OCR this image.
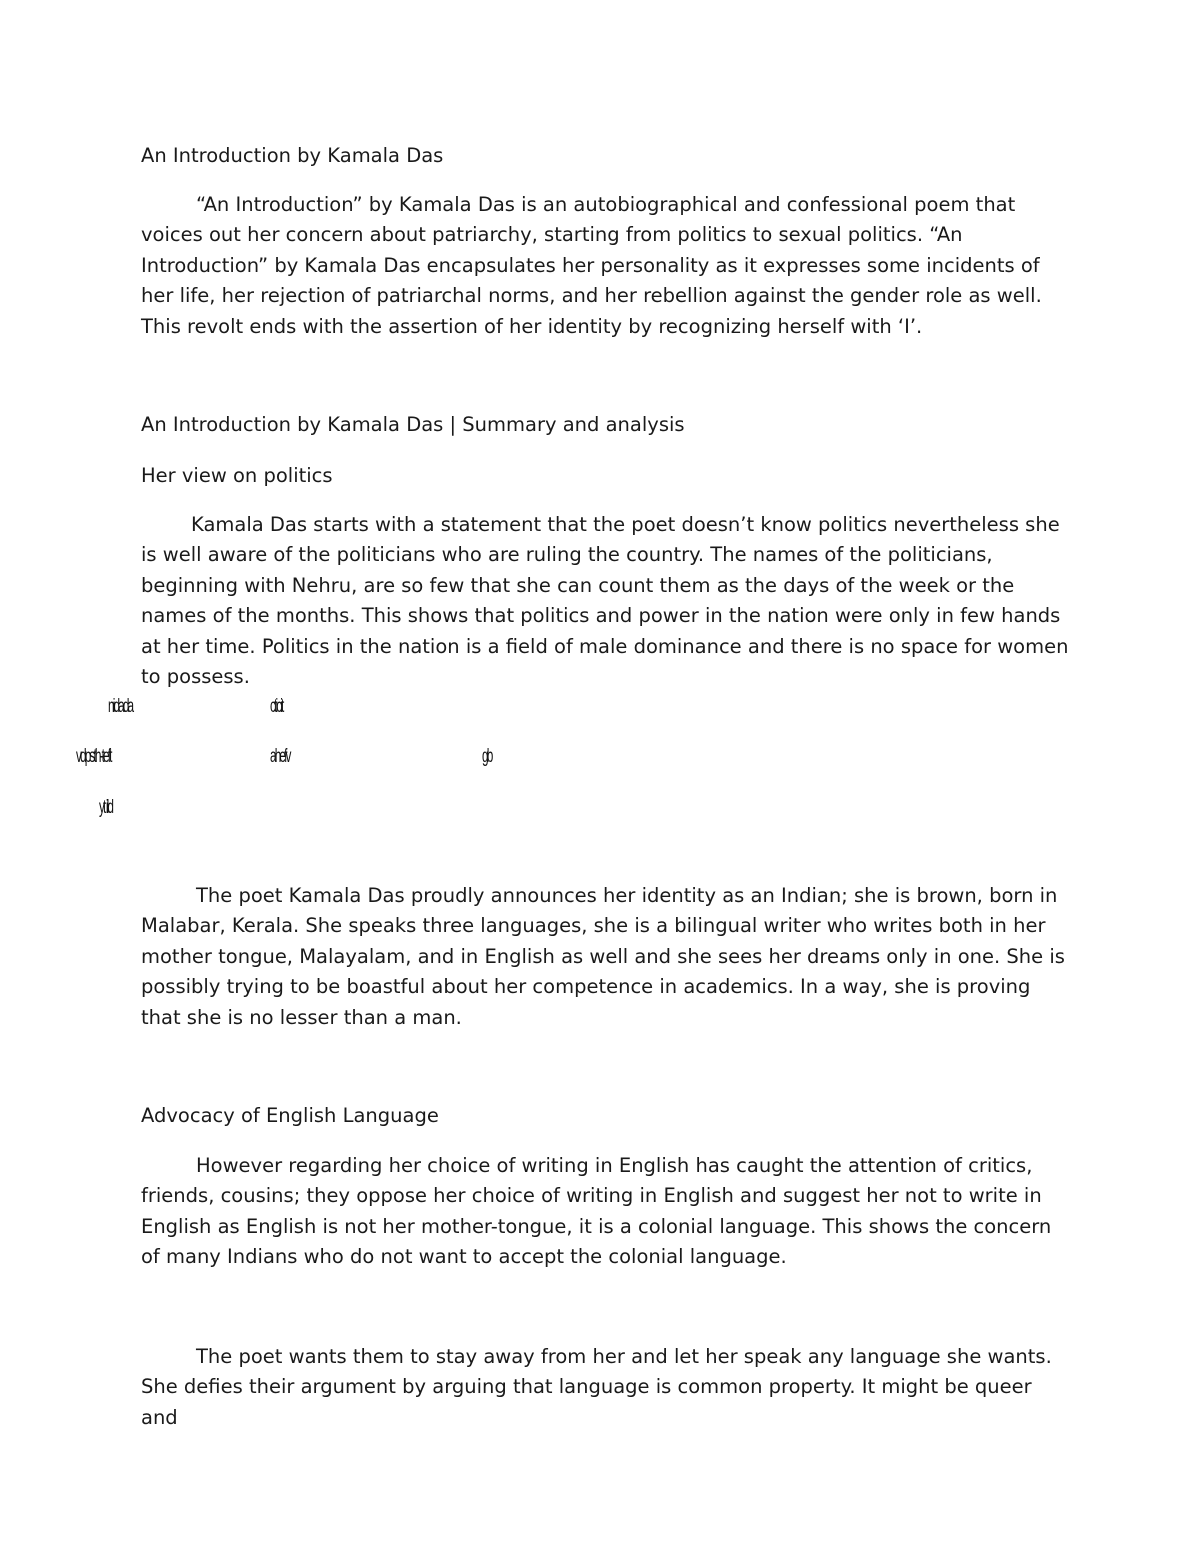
An Introduction by Kamala Das

“An Introduction” by Kamala Das is an autobiographical and confessional poem that voices out her concern about patriarchy, starting from politics to sexual politics. “An Introduction” by Kamala Das encapsulates her personality as it expresses some incidents of her life, her rejection of patriarchal norms, and her rebellion against the gender role as well. This revolt ends with the assertion of her identity by recognizing herself with ‘I’.

An Introduction by Kamala Das | Summary and analysis
Her view on politics

Kamala Das starts with a statement that the poet doesn’t know politics nevertheless she is well aware of the politicians who are ruling the country. The names of the politicians, beginning with Nehru, are so few that she can count them as the days of the week or the names of the months. This shows that politics and power in the nation were only in few hands at her time. Politics in the nation is a field of male dominance and there is no space for women to possess.

nidada	cticit
vdpsth-teft	ahefv	gb
yt ild

The poet Kamala Das proudly announces her identity as an Indian; she is brown, born in Malabar, Kerala. She speaks three languages, she is a bilingual writer who writes both in her mother tongue, Malayalam, and in English as well and she sees her dreams only in one. She is possibly trying to be boastful about her competence in academics. In a way, she is proving that she is no lesser than a man.

Advocacy of English Language

However regarding her choice of writing in English has caught the attention of critics, friends, cousins; they oppose her choice of writing in English and suggest her not to write in English as English is not her mother-tongue, it is a colonial language. This shows the concern of many Indians who do not want to accept the colonial language.

The poet wants them to stay away from her and let her speak any language she wants. She defies their argument by arguing that language is common property. It might be queer and
